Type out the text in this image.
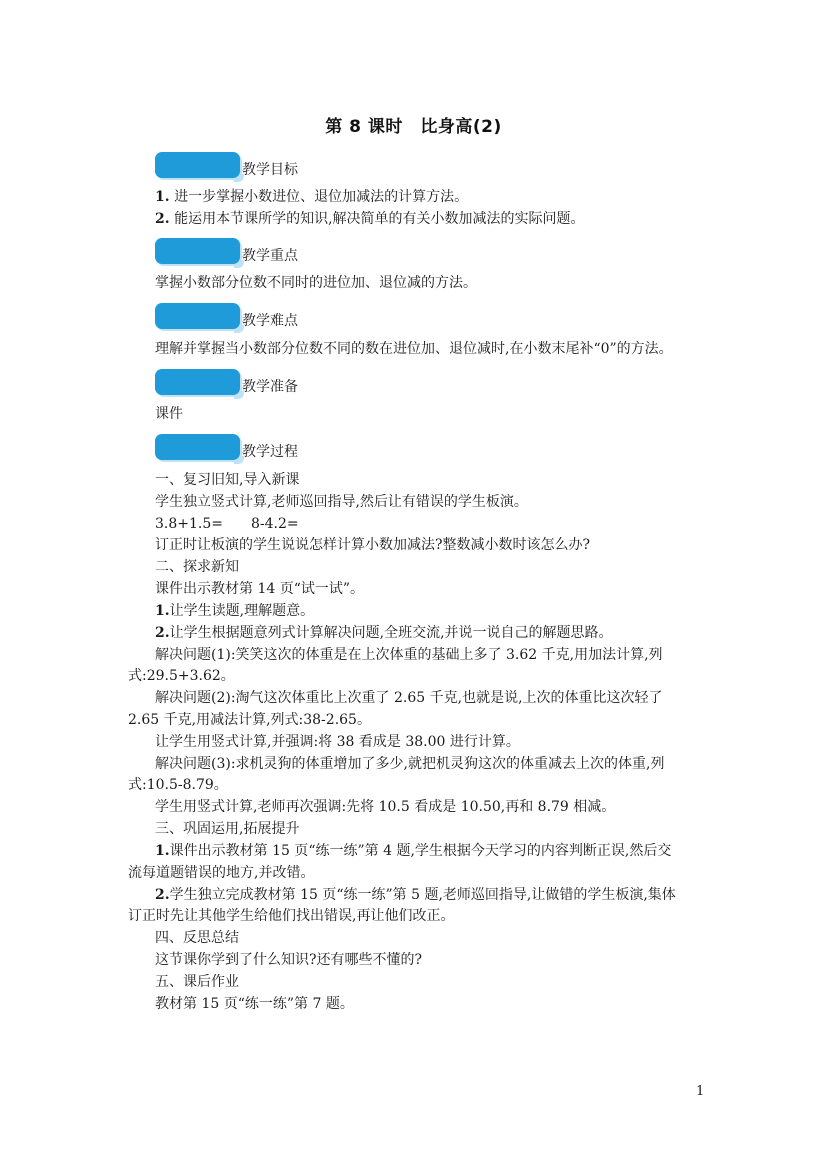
第 8 课时　比身高(2)
教学目标
1. 进一步掌握小数进位、退位加减法的计算方法。
2. 能运用本节课所学的知识,解决简单的有关小数加减法的实际问题。
教学重点
掌握小数部分位数不同时的进位加、退位减的方法。
教学难点
理解并掌握当小数部分位数不同的数在进位加、退位减时,在小数末尾补“0”的方法。
教学准备
课件
教学过程
一、复习旧知,导入新课
学生独立竖式计算,老师巡回指导,然后让有错误的学生板演。
3.8+1.5=　　8-4.2=
订正时让板演的学生说说怎样计算小数加减法?整数减小数时该怎么办?
二、探求新知
课件出示教材第 14 页“试一试”。
1.让学生读题,理解题意。
2.让学生根据题意列式计算解决问题,全班交流,并说一说自己的解题思路。
解决问题(1):笑笑这次的体重是在上次体重的基础上多了 3.62 千克,用加法计算,列
式:29.5+3.62。
解决问题(2):淘气这次体重比上次重了 2.65 千克,也就是说,上次的体重比这次轻了
2.65 千克,用减法计算,列式:38-2.65。
让学生用竖式计算,并强调:将 38 看成是 38.00 进行计算。
解决问题(3):求机灵狗的体重增加了多少,就把机灵狗这次的体重减去上次的体重,列
式:10.5-8.79。
学生用竖式计算,老师再次强调:先将 10.5 看成是 10.50,再和 8.79 相减。
三、巩固运用,拓展提升
1.课件出示教材第 15 页“练一练”第 4 题,学生根据今天学习的内容判断正误,然后交
流每道题错误的地方,并改错。
2.学生独立完成教材第 15 页“练一练”第 5 题,老师巡回指导,让做错的学生板演,集体
订正时先让其他学生给他们找出错误,再让他们改正。
四、反思总结
这节课你学到了什么知识?还有哪些不懂的?
五、课后作业
教材第 15 页“练一练”第 7 题。
1
